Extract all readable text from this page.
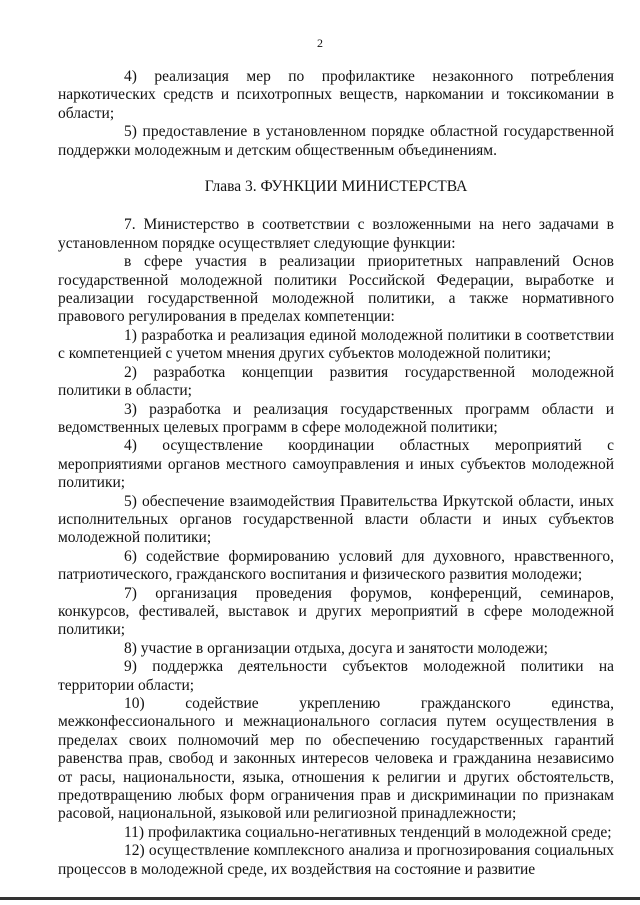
2

4) реализация мер по профилактике незаконного потребления наркотических средств и психотропных веществ, наркомании и токсикомании в области;

5) предоставление в установленном порядке областной государственной поддержки молодежным и детским общественным объединениям.

Глава 3. ФУНКЦИИ МИНИСТЕРСТВА

7. Министерство в соответствии с возложенными на него задачами в установленном порядке осуществляет следующие функции:

в сфере участия в реализации приоритетных направлений Основ государственной молодежной политики Российской Федерации, выработке и реализации государственной молодежной политики, а также нормативного правового регулирования в пределах компетенции:

1) разработка и реализация единой молодежной политики в соответствии с компетенцией с учетом мнения других субъектов молодежной политики;

2) разработка концепции развития государственной молодежной политики в области;

3) разработка и реализация государственных программ области и ведомственных целевых программ в сфере молодежной политики;

4) осуществление координации областных мероприятий с мероприятиями органов местного самоуправления и иных субъектов молодежной политики;

5) обеспечение взаимодействия Правительства Иркутской области, иных исполнительных органов государственной власти области и иных субъектов молодежной политики;

6) содействие формированию условий для духовного, нравственного, патриотического, гражданского воспитания и физического развития молодежи;

7) организация проведения форумов, конференций, семинаров, конкурсов, фестивалей, выставок и других мероприятий в сфере молодежной политики;

8) участие в организации отдыха, досуга и занятости молодежи;

9) поддержка деятельности субъектов молодежной политики на территории области;

10) содействие укреплению гражданского единства, межконфессионального и межнационального согласия путем осуществления в пределах своих полномочий мер по обеспечению государственных гарантий равенства прав, свобод и законных интересов человека и гражданина независимо от расы, национальности, языка, отношения к религии и других обстоятельств, предотвращению любых форм ограничения прав и дискриминации по признакам расовой, национальной, языковой или религиозной принадлежности;

11) профилактика социально-негативных тенденций в молодежной среде;

12) осуществление комплексного анализа и прогнозирования социальных процессов в молодежной среде, их воздействия на состояние и развитие
